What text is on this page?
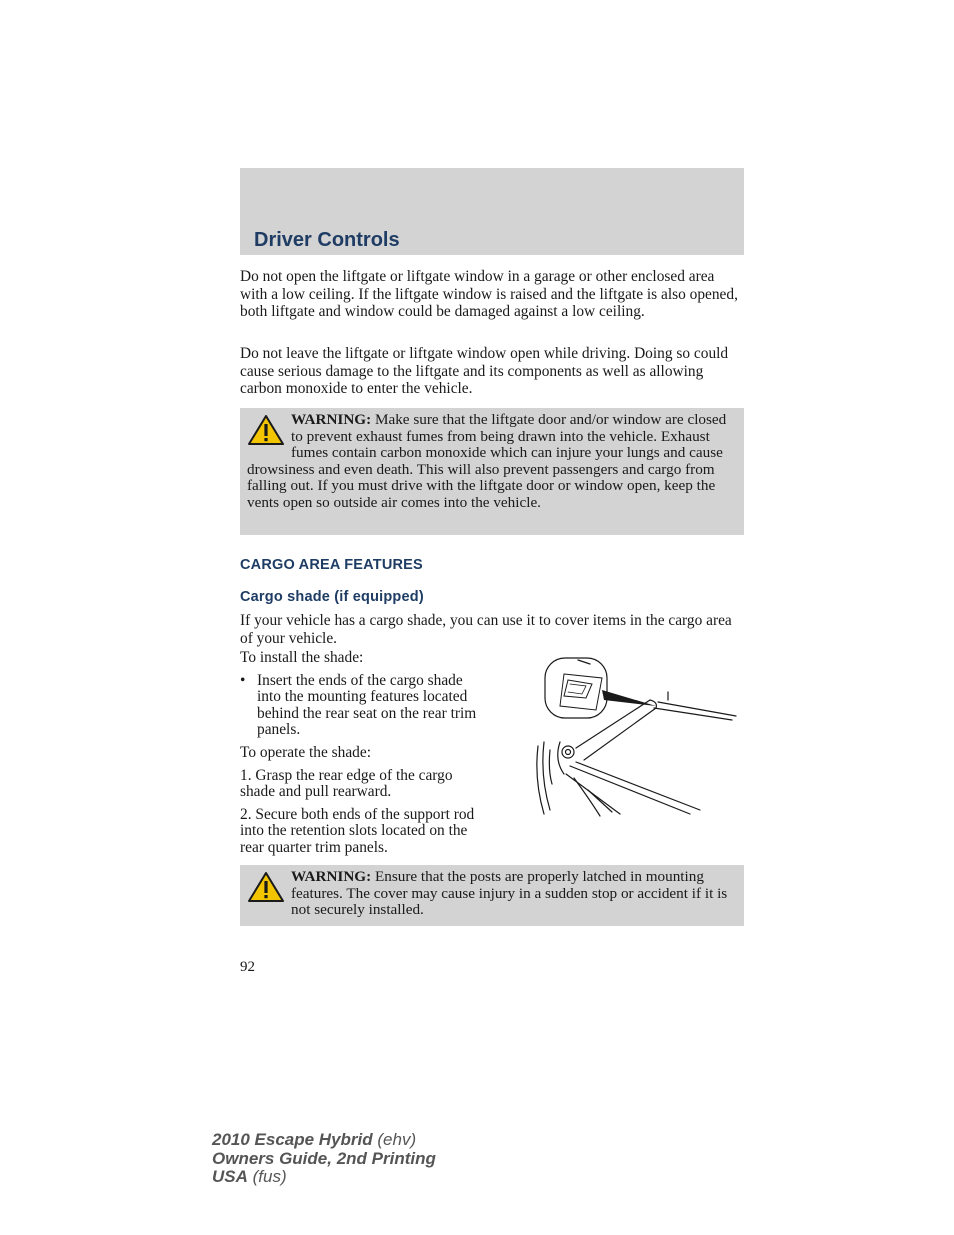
Driver Controls
Do not open the liftgate or liftgate window in a garage or other enclosed area with a low ceiling. If the liftgate window is raised and the liftgate is also opened, both liftgate and window could be damaged against a low ceiling.
Do not leave the liftgate or liftgate window open while driving. Doing so could cause serious damage to the liftgate and its components as well as allowing carbon monoxide to enter the vehicle.
WARNING: Make sure that the liftgate door and/or window are closed to prevent exhaust fumes from being drawn into the vehicle. Exhaust fumes contain carbon monoxide which can injure your lungs and cause drowsiness and even death. This will also prevent passengers and cargo from falling out. If you must drive with the liftgate door or window open, keep the vents open so outside air comes into the vehicle.
CARGO AREA FEATURES
Cargo shade (if equipped)
If your vehicle has a cargo shade, you can use it to cover items in the cargo area of your vehicle.

To install the shade:

• Insert the ends of the cargo shade into the mounting features located behind the rear seat on the rear trim panels.

To operate the shade:

1. Grasp the rear edge of the cargo shade and pull rearward.

2. Secure both ends of the support rod into the retention slots located on the rear quarter trim panels.

WARNING: Ensure that the posts are properly latched in mounting features. The cover may cause injury in a sudden stop or accident if it is not securely installed.
92
2010 Escape Hybrid (ehv)
Owners Guide, 2nd Printing
USA (fus)
